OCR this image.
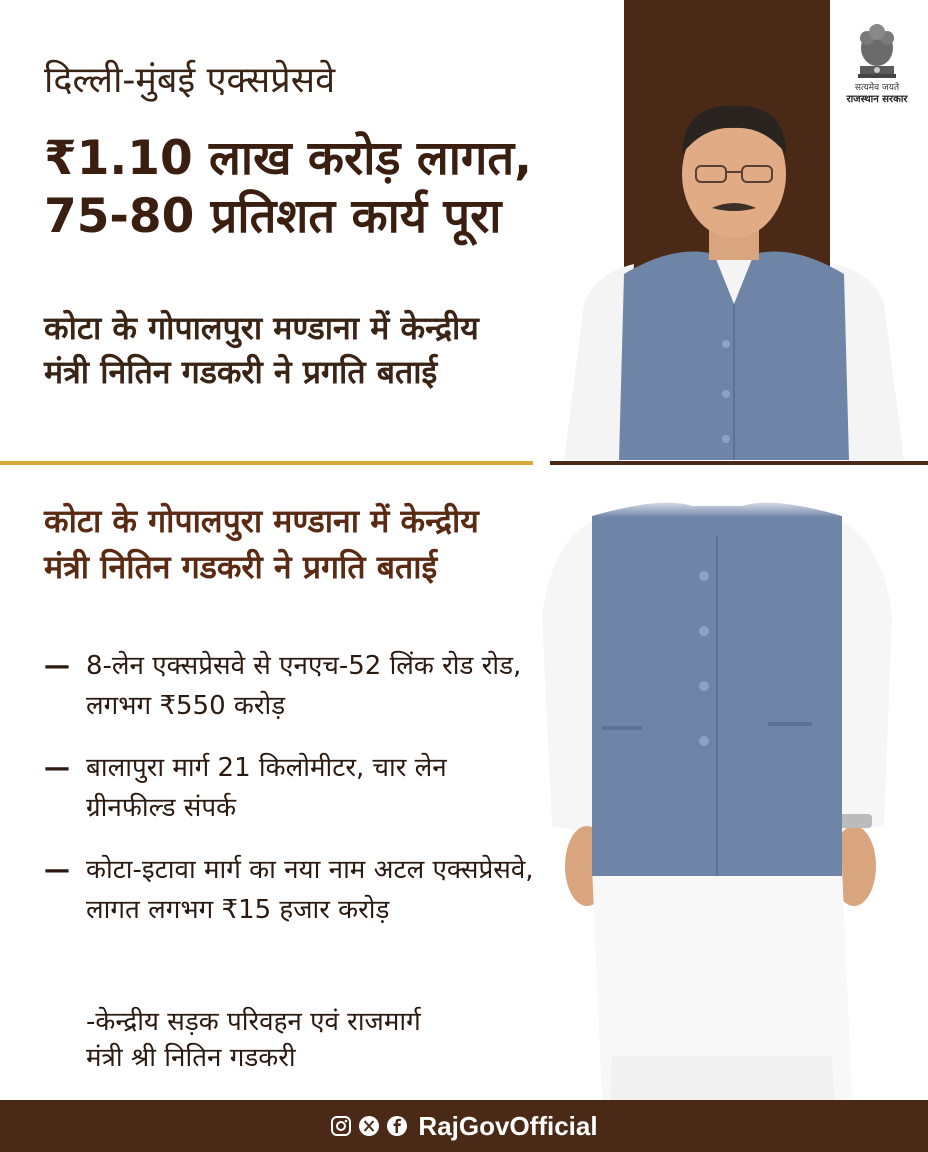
सत्यमेव जयते
राजस्थान सरकार
दिल्ली-मुंबई एक्सप्रेसवे
₹1.10 लाख करोड़ लागत,
75-80 प्रतिशत कार्य पूरा
कोटा के गोपालपुरा मण्डाना में केन्द्रीय
मंत्री नितिन गडकरी ने प्रगति बताई
कोटा के गोपालपुरा मण्डाना में केन्द्रीय
मंत्री नितिन गडकरी ने प्रगति बताई
— 8-लेन एक्सप्रेसवे से एनएच-52 लिंक रोड रोड, लगभग ₹550 करोड़
— बालापुरा मार्ग 21 किलोमीटर, चार लेन ग्रीनफील्ड संपर्क
— कोटा-इटावा मार्ग का नया नाम अटल एक्सप्रेसवे, लागत लगभग ₹15 हजार करोड़
-केन्द्रीय सड़क परिवहन एवं राजमार्ग
मंत्री श्री नितिन गडकरी
RajGovOfficial
